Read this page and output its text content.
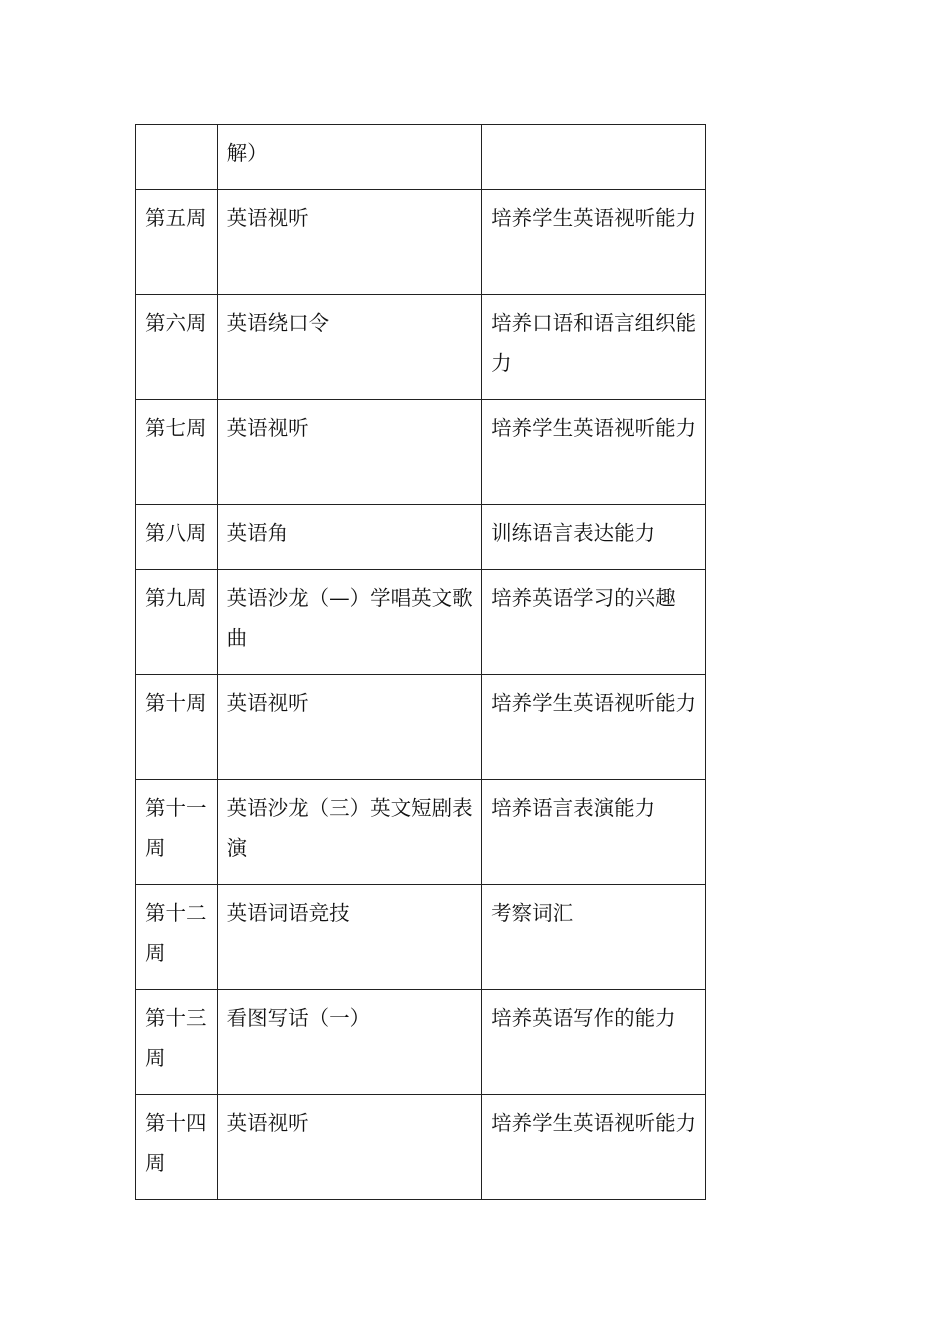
	解）	

第五周	英语视听	培养学生英语视听能力

第六周	英语绕口令	培养口语和语言组织能力

第七周	英语视听	培养学生英语视听能力

第八周	英语角	训练语言表达能力

第九周	英语沙龙（—）学唱英文歌曲	培养英语学习的兴趣

第十周	英语视听	培养学生英语视听能力

第十一周	英语沙龙（三）英文短剧表演	培养语言表演能力

第十二周	英语词语竞技	考察词汇

第十三周	看图写话（一）	培养英语写作的能力

第十四周	英语视听	培养学生英语视听能力
